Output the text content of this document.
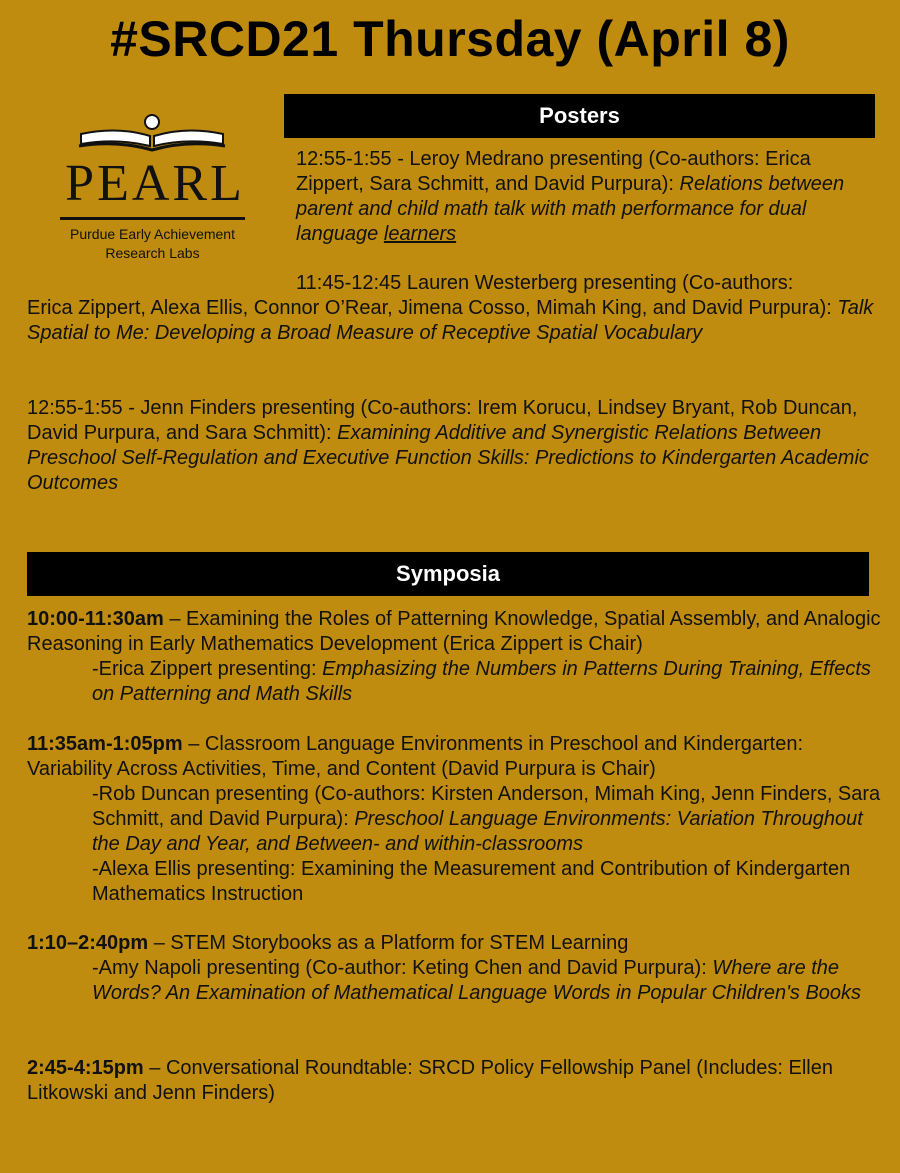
#SRCD21 Thursday (April 8)
PEARL
Purdue Early Achievement
Research Labs
Posters
12:55-1:55 - Leroy Medrano presenting (Co-authors: Erica Zippert, Sara Schmitt, and David Purpura): Relations between parent and child math talk with math performance for dual language learners
11:45-12:45 Lauren Westerberg presenting (Co-authors:
Erica Zippert, Alexa Ellis, Connor O’Rear, Jimena Cosso, Mimah King, and David Purpura): Talk Spatial to Me: Developing a Broad Measure of Receptive Spatial Vocabulary
12:55-1:55 - Jenn Finders presenting (Co-authors: Irem Korucu, Lindsey Bryant, Rob Duncan, David Purpura, and Sara Schmitt): Examining Additive and Synergistic Relations Between Preschool Self-Regulation and Executive Function Skills: Predictions to Kindergarten Academic Outcomes
Symposia
10:00-11:30am – Examining the Roles of Patterning Knowledge, Spatial Assembly, and Analogic Reasoning in Early Mathematics Development (Erica Zippert is Chair)
-Erica Zippert presenting: Emphasizing the Numbers in Patterns During Training, Effects on Patterning and Math Skills
11:35am-1:05pm – Classroom Language Environments in Preschool and Kindergarten: Variability Across Activities, Time, and Content (David Purpura is Chair)
-Rob Duncan presenting (Co-authors: Kirsten Anderson, Mimah King, Jenn Finders, Sara Schmitt, and David Purpura): Preschool Language Environments: Variation Throughout the Day and Year, and Between- and within-classrooms
-Alexa Ellis presenting: Examining the Measurement and Contribution of Kindergarten Mathematics Instruction
1:10–2:40pm – STEM Storybooks as a Platform for STEM Learning
-Amy Napoli presenting (Co-author: Keting Chen and David Purpura): Where are the Words? An Examination of Mathematical Language Words in Popular Children's Books
2:45-4:15pm – Conversational Roundtable: SRCD Policy Fellowship Panel (Includes: Ellen Litkowski and Jenn Finders)
